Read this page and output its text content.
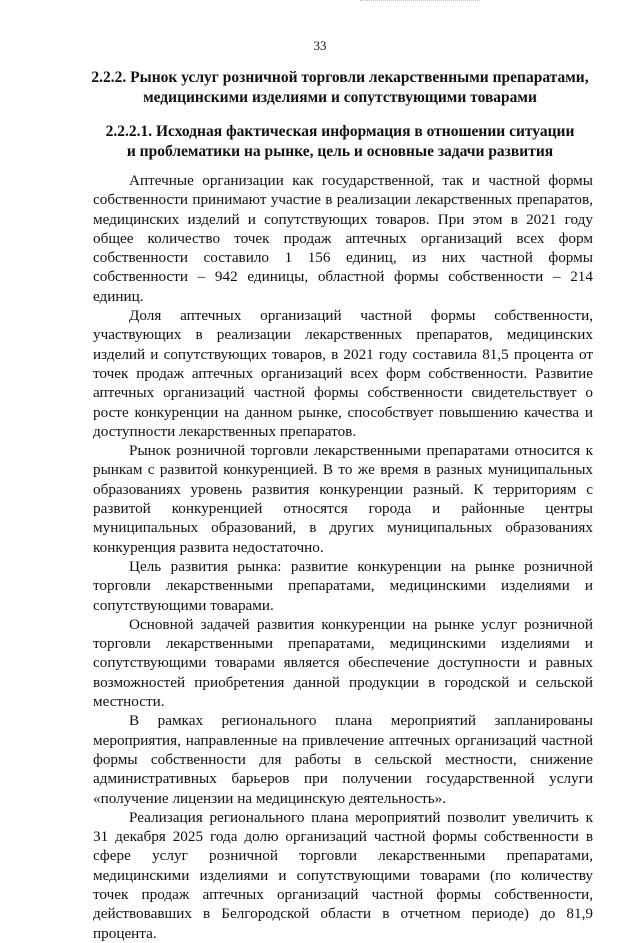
33
2.2.2. Рынок услуг розничной торговли лекарственными препаратами,
медицинскими изделиями и сопутствующими товарами
2.2.2.1. Исходная фактическая информация в отношении ситуации
и проблематики на рынке, цель и основные задачи развития

Аптечные организации как государственной, так и частной формы собственности принимают участие в реализации лекарственных препаратов, медицинских изделий и сопутствующих товаров. При этом в 2021 году общее количество точек продаж аптечных организаций всех форм собственности составило 1 156 единиц, из них частной формы собственности – 942 единицы, областной формы собственности – 214 единиц.

Доля аптечных организаций частной формы собственности, участвующих в реализации лекарственных препаратов, медицинских изделий и сопутствующих товаров, в 2021 году составила 81,5 процента от точек продаж аптечных организаций всех форм собственности. Развитие аптечных организаций частной формы собственности свидетельствует о росте конкуренции на данном рынке, способствует повышению качества и доступности лекарственных препаратов.

Рынок розничной торговли лекарственными препаратами относится к рынкам с развитой конкуренцией. В то же время в разных муниципальных образованиях уровень развития конкуренции разный. К территориям с развитой конкуренцией относятся города и районные центры муниципальных образований, в других муниципальных образованиях конкуренция развита недостаточно.

Цель развития рынка: развитие конкуренции на рынке розничной торговли лекарственными препаратами, медицинскими изделиями и сопутствующими товарами.

Основной задачей развития конкуренции на рынке услуг розничной торговли лекарственными препаратами, медицинскими изделиями и сопутствующими товарами является обеспечение доступности и равных возможностей приобретения данной продукции в городской и сельской местности.

В рамках регионального плана мероприятий запланированы мероприятия, направленные на привлечение аптечных организаций частной формы собственности для работы в сельской местности, снижение административных барьеров при получении государственной услуги «получение лицензии на медицинскую деятельность».

Реализация регионального плана мероприятий позволит увеличить к 31 декабря 2025 года долю организаций частной формы собственности в сфере услуг розничной торговли лекарственными препаратами, медицинскими изделиями и сопутствующими товарами (по количеству точек продаж аптечных организаций частной формы собственности, действовавших в Белгородской области в отчетном периоде) до 81,9 процента.
